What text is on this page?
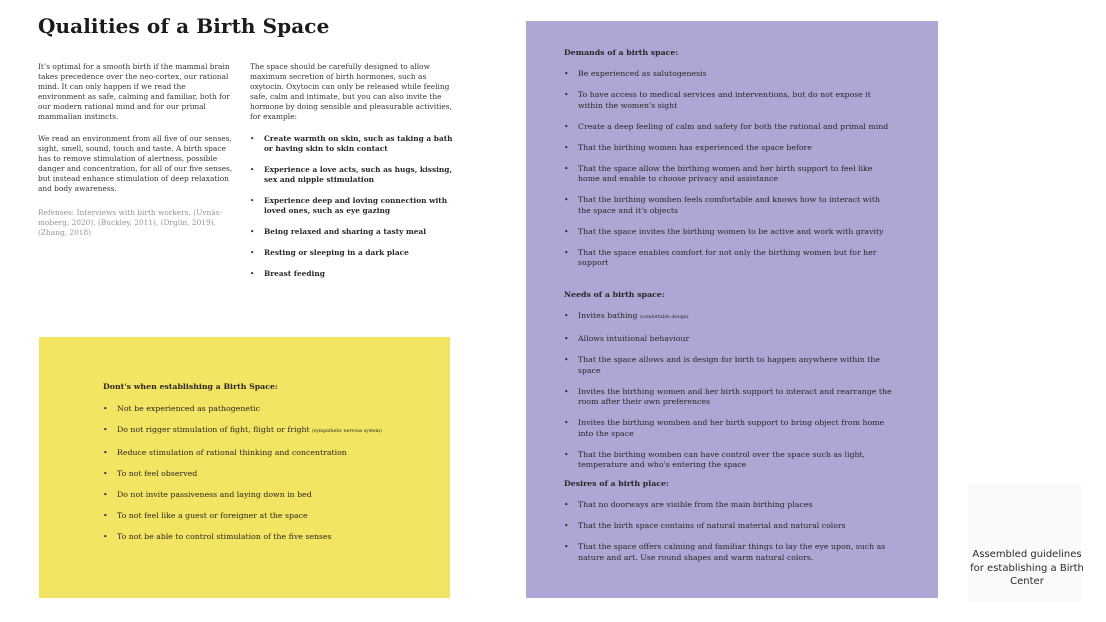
Qualities of a Birth Space

It’s optimal for a smooth birth if the mammal brain takes precedence over the neo-cortex, our rational mind. It can only happen if we read the environment as safe, calming and familiar, both for our modern rational mind and for our primal mammalian instincts.

We read an environment from all five of our senses, sight, smell, sound, touch and taste. A birth space has to remove stimulation of alertness, possible danger and concentration, for all of our five senses, but instead enhance stimulation of deep relaxation and body awareness.

Refenses: Interviews with birth workers, (Uvnäs-moberg, 2020), (Buckley, 2011), (Drglin, 2019), (Zhang, 2018)

The space should be carefully designed to allow maximum secretion of birth hormones, such as oxytocin. Oxytocin can only be released while feeling safe, calm and intimate, but you can also invite the hormone by doing sensible and pleasurable activities, for example:

• Create warmth on skin, such as taking a bath or having skin to skin contact
• Experience a love acts, such as hugs, kissing, sex and nipple stimulation
• Experience deep and loving connection with loved ones, such as eye gazing
• Being relaxed and sharing a tasty meal
• Resting or sleeping in a dark place
• Breast feeding

Dont's when establishing a Birth Space:

• Not be experienced as pathogenetic
• Do not rigger stimulation of fight, flight or fright (sympathetic nervous system)
• Reduce stimulation of rational thinking and concentration
• To not feel observed
• Do not invite passiveness and laying down in bed
• To not feel like a guest or foreigner at the space
• To not be able to control stimulation of the five senses

Demands of a birth space:

• Be experienced as salutogenesis
• To have access to medical services and interventions, but do not expose it within the women's sight
• Create a deep feeling of calm and safety for both the rational and primal mind
• That the birthing women has experienced the space before
• That the space allow the birthing women and her birth support to feel like home and enable to choose privacy and assistance
• That the birthing womben feels comfortable and knows how to interact with the space and it's objects
• That the space invites the birthing women to be active and work with gravity
• That the space enables comfort for not only the birthing women but for her support

Needs of a birth space:

• Invites bathing (comfortable design)
• Allows intuitional behaviour
• That the space allows and is design for birth to happen anywhere within the space
• Invites the birthing women and her birth support to interact and rearrange the room after their own preferences
• Invites the birthing womben and her birth support to bring object from home into the space
• That the birthing womben can have control over the space such as light, temperature and who's entering the space

Desires of a birth place:

• That no doorways are visible from the main birthing places
• That the birth space contains of natural material and natural colors
• That the space offers calming and familiar things to lay the eye upon, such as nature and art. Use round shapes and warm natural colors.	Assembled guidelines for establishing a Birth Center
